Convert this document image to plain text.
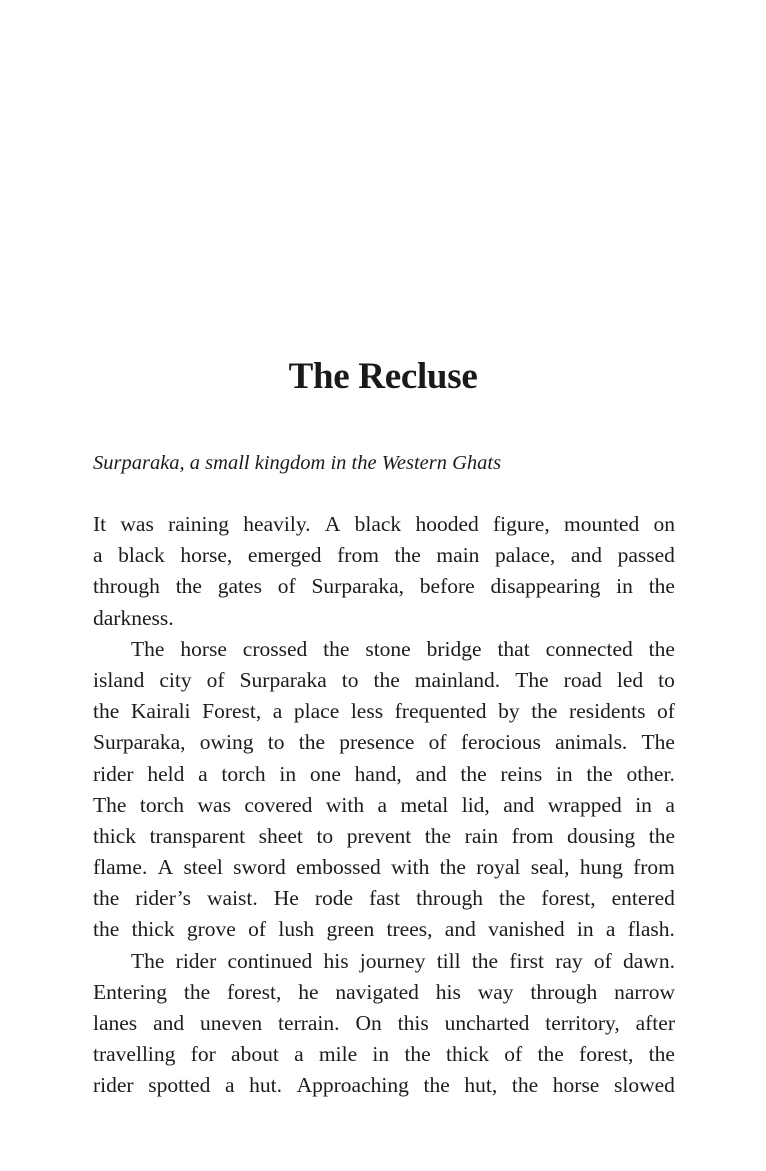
The Recluse
Surparaka, a small kingdom in the Western Ghats
It was raining heavily. A black hooded figure, mounted on
a black horse, emerged from the main palace, and passed
through the gates of Surparaka, before disappearing in the
darkness.
The horse crossed the stone bridge that connected the
island city of Surparaka to the mainland. The road led to
the Kairali Forest, a place less frequented by the residents of
Surparaka, owing to the presence of ferocious animals. The
rider held a torch in one hand, and the reins in the other.
The torch was covered with a metal lid, and wrapped in a
thick transparent sheet to prevent the rain from dousing the
flame. A steel sword embossed with the royal seal, hung from
the rider’s waist. He rode fast through the forest, entered
the thick grove of lush green trees, and vanished in a flash.
The rider continued his journey till the first ray of dawn.
Entering the forest, he navigated his way through narrow
lanes and uneven terrain. On this uncharted territory, after
travelling for about a mile in the thick of the forest, the
rider spotted a hut. Approaching the hut, the horse slowed
